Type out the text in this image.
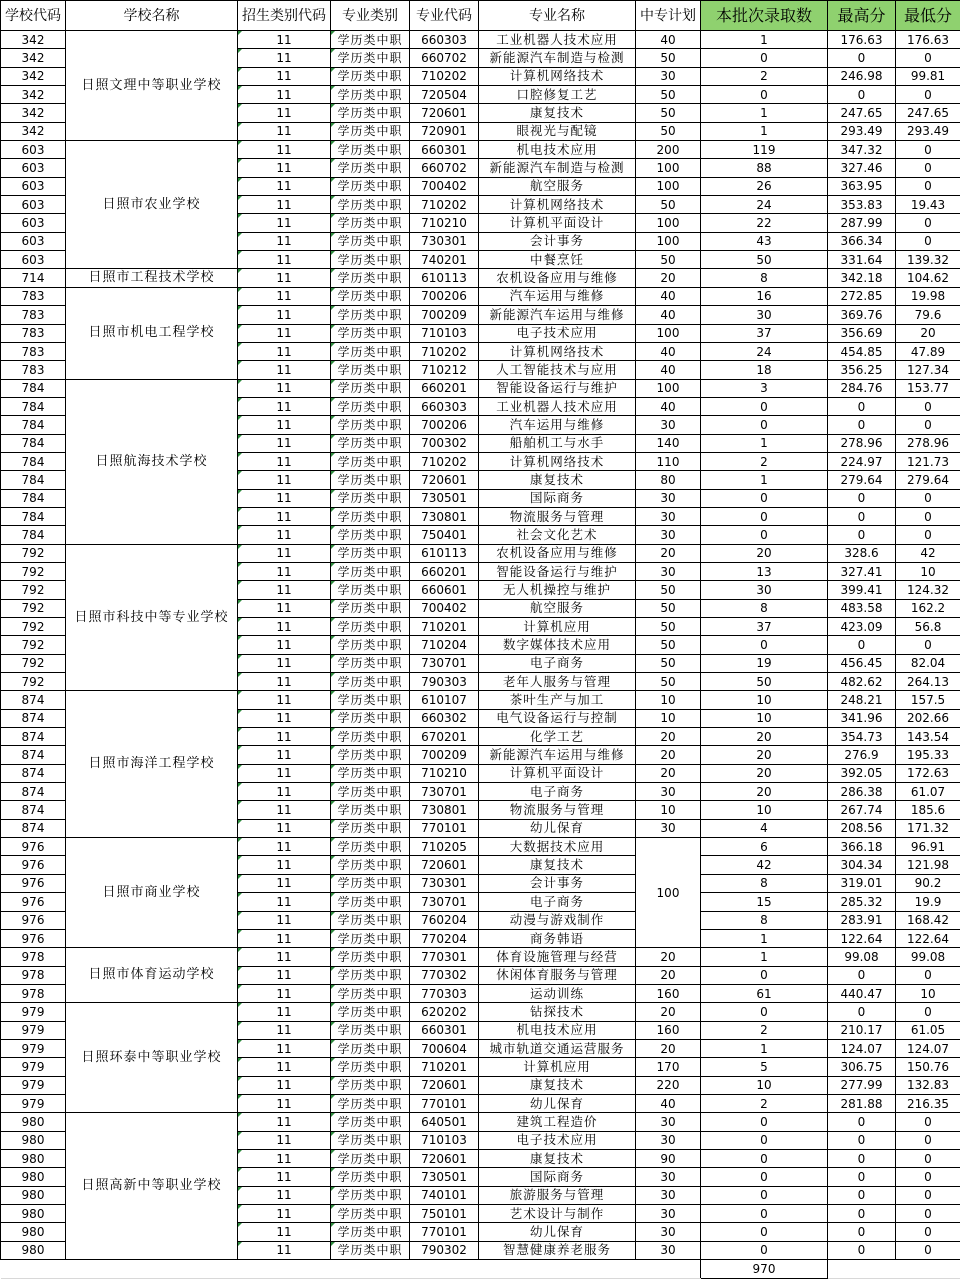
学校代码	学校名称	招生类别代码	专业类别	专业代码	专业名称	中专计划	本批次录取数	最高分	最低分
342	日照文理中等职业学校	11	学历类中职	660303	工业机器人技术应用	40	1	176.63	176.63
342		11	学历类中职	660702	新能源汽车制造与检测	50	0	0	0
342		11	学历类中职	710202	计算机网络技术	30	2	246.98	99.81
342		11	学历类中职	720504	口腔修复工艺	50	0	0	0
342		11	学历类中职	720601	康复技术	50	1	247.65	247.65
342		11	学历类中职	720901	眼视光与配镜	50	1	293.49	293.49
603	日照市农业学校	11	学历类中职	660301	机电技术应用	200	119	347.32	0
603		11	学历类中职	660702	新能源汽车制造与检测	100	88	327.46	0
603		11	学历类中职	700402	航空服务	100	26	363.95	0
603		11	学历类中职	710202	计算机网络技术	50	24	353.83	19.43
603		11	学历类中职	710210	计算机平面设计	100	22	287.99	0
603		11	学历类中职	730301	会计事务	100	43	366.34	0
603		11	学历类中职	740201	中餐烹饪	50	50	331.64	139.32
714	日照市工程技术学校	11	学历类中职	610113	农机设备应用与维修	20	8	342.18	104.62
783	日照市机电工程学校	11	学历类中职	700206	汽车运用与维修	40	16	272.85	19.98
783		11	学历类中职	700209	新能源汽车运用与维修	40	30	369.76	79.6
783		11	学历类中职	710103	电子技术应用	100	37	356.69	20
783		11	学历类中职	710202	计算机网络技术	40	24	454.85	47.89
783		11	学历类中职	710212	人工智能技术与应用	40	18	356.25	127.34
784	日照航海技术学校	11	学历类中职	660201	智能设备运行与维护	100	3	284.76	153.77
784		11	学历类中职	660303	工业机器人技术应用	40	0	0	0
784		11	学历类中职	700206	汽车运用与维修	30	0	0	0
784		11	学历类中职	700302	船舶机工与水手	140	1	278.96	278.96
784		11	学历类中职	710202	计算机网络技术	110	2	224.97	121.73
784		11	学历类中职	720601	康复技术	80	1	279.64	279.64
784		11	学历类中职	730501	国际商务	30	0	0	0
784		11	学历类中职	730801	物流服务与管理	30	0	0	0
784		11	学历类中职	750401	社会文化艺术	30	0	0	0
792	日照市科技中等专业学校	11	学历类中职	610113	农机设备应用与维修	20	20	328.6	42
792		11	学历类中职	660201	智能设备运行与维护	30	13	327.41	10
792		11	学历类中职	660601	无人机操控与维护	50	30	399.41	124.32
792		11	学历类中职	700402	航空服务	50	8	483.58	162.2
792		11	学历类中职	710201	计算机应用	50	37	423.09	56.8
792		11	学历类中职	710204	数字媒体技术应用	50	0	0	0
792		11	学历类中职	730701	电子商务	50	19	456.45	82.04
792		11	学历类中职	790303	老年人服务与管理	50	50	482.62	264.13
874	日照市海洋工程学校	11	学历类中职	610107	茶叶生产与加工	10	10	248.21	157.5
874		11	学历类中职	660302	电气设备运行与控制	10	10	341.96	202.66
874		11	学历类中职	670201	化学工艺	20	20	354.73	143.54
874		11	学历类中职	700209	新能源汽车运用与维修	20	20	276.9	195.33
874		11	学历类中职	710210	计算机平面设计	20	20	392.05	172.63
874		11	学历类中职	730701	电子商务	30	20	286.38	61.07
874		11	学历类中职	730801	物流服务与管理	10	10	267.74	185.6
874		11	学历类中职	770101	幼儿保育	30	4	208.56	171.32
976	日照市商业学校	11	学历类中职	710205	大数据技术应用	100	6	366.18	96.91
976		11	学历类中职	720601	康复技术		42	304.34	121.98
976		11	学历类中职	730301	会计事务		8	319.01	90.2
976		11	学历类中职	730701	电子商务		15	285.32	19.9
976		11	学历类中职	760204	动漫与游戏制作		8	283.91	168.42
976		11	学历类中职	770204	商务韩语		1	122.64	122.64
978	日照市体育运动学校	11	学历类中职	770301	体育设施管理与经营	20	1	99.08	99.08
978		11	学历类中职	770302	休闲体育服务与管理	20	0	0	0
978		11	学历类中职	770303	运动训练	160	61	440.47	10
979	日照环泰中等职业学校	11	学历类中职	620202	钻探技术	20	0	0	0
979		11	学历类中职	660301	机电技术应用	160	2	210.17	61.05
979		11	学历类中职	700604	城市轨道交通运营服务	20	1	124.07	124.07
979		11	学历类中职	710201	计算机应用	170	5	306.75	150.76
979		11	学历类中职	720601	康复技术	220	10	277.99	132.83
979		11	学历类中职	770101	幼儿保育	40	2	281.88	216.35
980	日照高新中等职业学校	11	学历类中职	640501	建筑工程造价	30	0	0	0
980		11	学历类中职	710103	电子技术应用	30	0	0	0
980		11	学历类中职	720601	康复技术	90	0	0	0
980		11	学历类中职	730501	国际商务	30	0	0	0
980		11	学历类中职	740101	旅游服务与管理	30	0	0	0
980		11	学历类中职	750101	艺术设计与制作	30	0	0	0
980		11	学历类中职	770101	幼儿保育	30	0	0	0
980		11	学历类中职	790302	智慧健康养老服务	30	0	0	0
							970		
